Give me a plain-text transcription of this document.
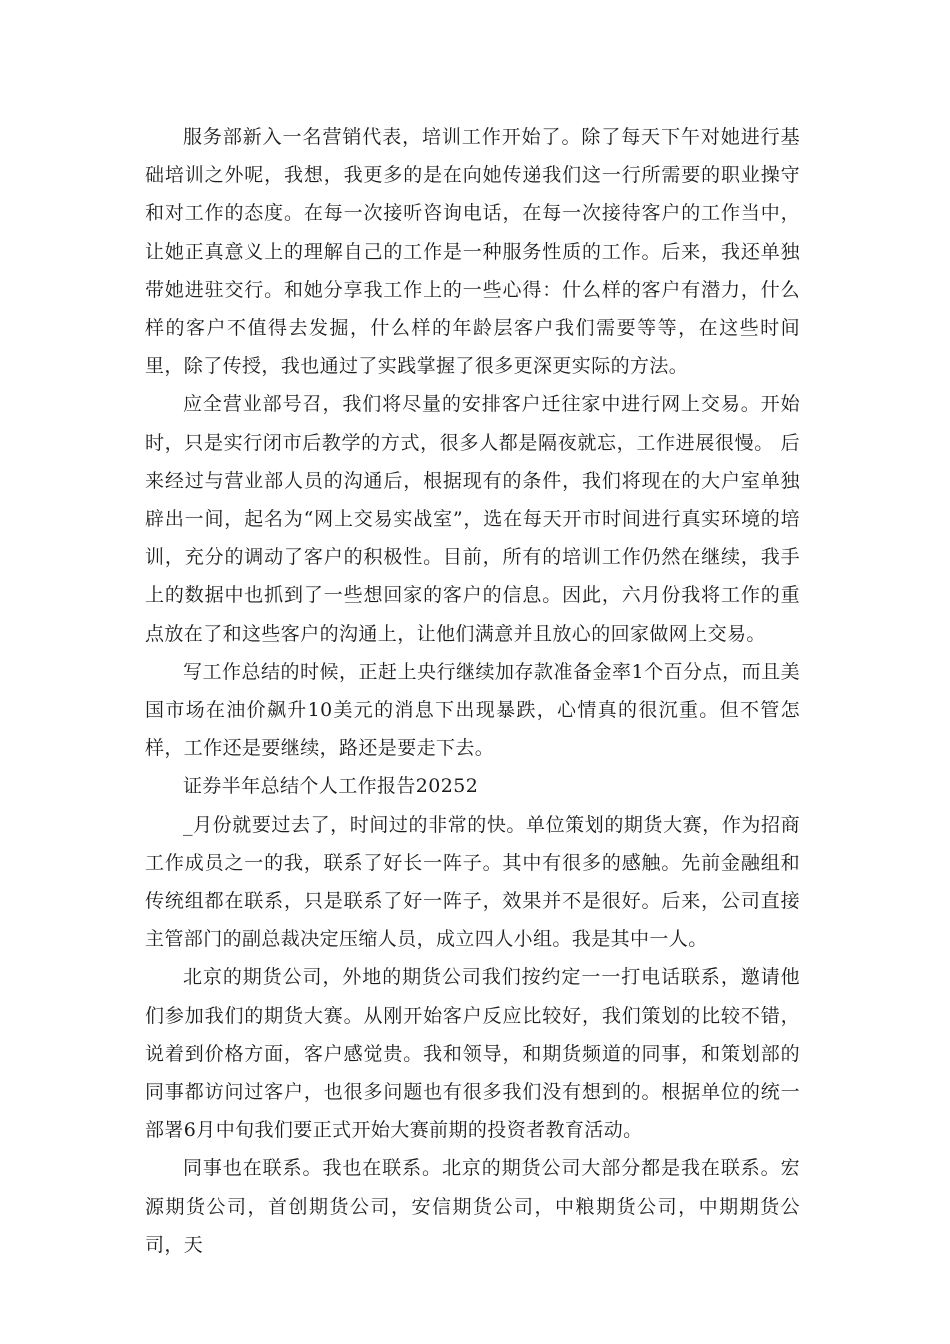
服务部新入一名营销代表，培训工作开始了。除了每天下午对她进行基础培训之外呢，我想，我更多的是在向她传递我们这一行所需要的职业操守和对工作的态度。在每一次接听咨询电话，在每一次接待客户的工作当中，让她正真意义上的理解自己的工作是一种服务性质的工作。后来，我还单独带她进驻交行。和她分享我工作上的一些心得：什么样的客户有潜力，什么样的客户不值得去发掘，什么样的年龄层客户我们需要等等，在这些时间里，除了传授，我也通过了实践掌握了很多更深更实际的方法。

应全营业部号召，我们将尽量的安排客户迁往家中进行网上交易。开始时，只是实行闭市后教学的方式，很多人都是隔夜就忘，工作进展很慢。 后来经过与营业部人员的沟通后，根据现有的条件，我们将现在的大户室单独辟出一间，起名为“网上交易实战室”，选在每天开市时间进行真实环境的培训，充分的调动了客户的积极性。目前，所有的培训工作仍然在继续，我手上的数据中也抓到了一些想回家的客户的信息。因此，六月份我将工作的重点放在了和这些客户的沟通上，让他们满意并且放心的回家做网上交易。

写工作总结的时候，正赶上央行继续加存款准备金率1个百分点，而且美国市场在油价飙升10美元的消息下出现暴跌，心情真的很沉重。但不管怎样，工作还是要继续，路还是要走下去。

证券半年总结个人工作报告20252

_月份就要过去了，时间过的非常的快。单位策划的期货大赛，作为招商工作成员之一的我，联系了好长一阵子。其中有很多的感触。先前金融组和传统组都在联系，只是联系了好一阵子，效果并不是很好。后来，公司直接主管部门的副总裁决定压缩人员，成立四人小组。我是其中一人。

北京的期货公司，外地的期货公司我们按约定一一打电话联系，邀请他们参加我们的期货大赛。从刚开始客户反应比较好，我们策划的比较不错，说着到价格方面，客户感觉贵。我和领导，和期货频道的同事，和策划部的同事都访问过客户，也很多问题也有很多我们没有想到的。根据单位的统一部署6月中旬我们要正式开始大赛前期的投资者教育活动。

同事也在联系。我也在联系。北京的期货公司大部分都是我在联系。宏源期货公司，首创期货公司，安信期货公司，中粮期货公司，中期期货公司，天
